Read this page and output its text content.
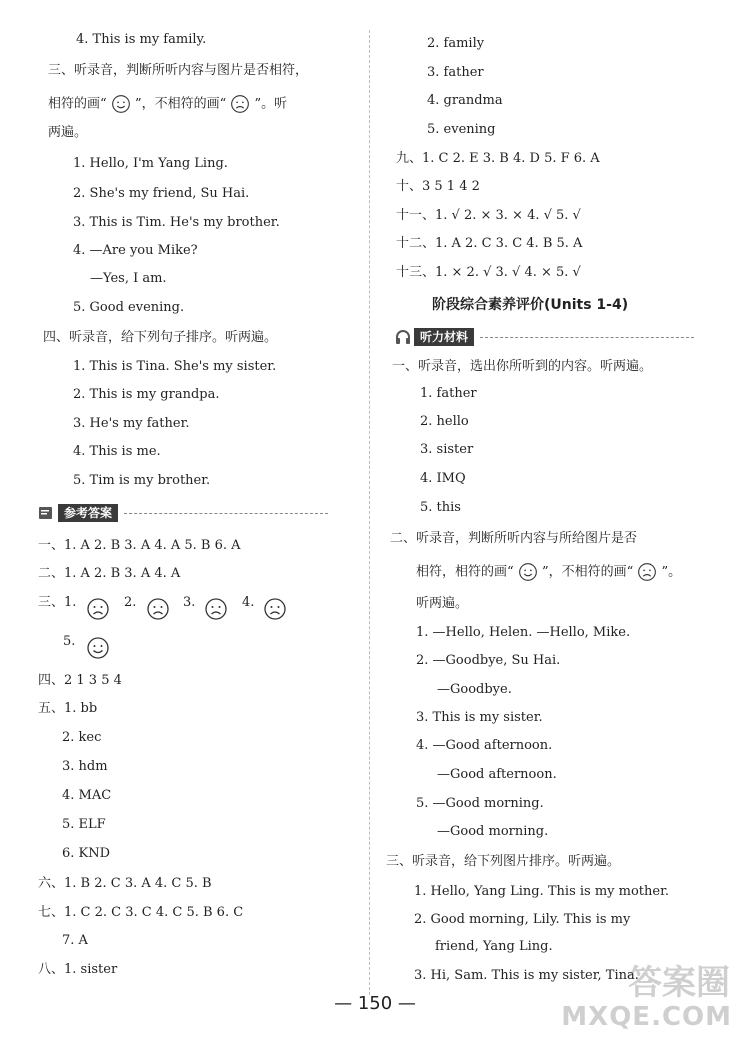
相符的画“ ”，不相符的画“ ”。听
两遍。
参考答案
阶段综合素养评价(Units 1-4)
听力材料
相符，相符的画“ ”，不相符的画“ ”。
— 150 —
答案圈
MXQE.COM
4. This is my family.
三、听录音，判断所听内容与图片是否相符，
5. Good evening.
四、听录音，给下列句子排序。听两遍。
1. This is Tina. She's my sister.
2. This is my grandpa.
3. He's my father.
4. This is me.
5. Tim is my brother.
一、1. A 2. B 3. A 4. A 5. B 6. A
二、1. A 2. B 3. A 4. A
四、2 1 3 5 4
五、1. bb
2. kec
3. hdm
4. MAC
5. ELF
6. KND
六、1. B 2. C 3. A 4. C 5. B
七、1. C 2. C 3. C 4. C 5. B 6. C
7. A
八、1. sister
2. family
3. father
4. grandma
5. evening
九、1. C 2. E 3. B 4. D 5. F 6. A
十、3 5 1 4 2
十一、1. √ 2. × 3. × 4. √ 5. √
十二、1. A 2. C 3. C 4. B 5. A
十三、1. × 2. √ 3. √ 4. × 5. √
一、听录音，选出你所听到的内容。听两遍。
1. father
2. hello
3. sister
4. IMQ
5. this
二、听录音，判断所听内容与所给图片是否
听两遍。
1. —Hello, Helen. —Hello, Mike.
2. —Goodbye, Su Hai.
—Goodbye.
3. This is my sister.
4. —Good afternoon.
—Good afternoon.
5. —Good morning.
—Good morning.
三、听录音，给下列图片排序。听两遍。
1. Hello, Yang Ling. This is my mother.
2. Good morning, Lily. This is my
friend, Yang Ling.
3. Hi, Sam. This is my sister, Tina.
1. Hello, I'm Yang Ling.
2. She's my friend, Su Hai.
3. This is Tim. He's my brother.
4. —Are you Mike?
—Yes, I am.
三、1.	2.	3.	4.
5.
